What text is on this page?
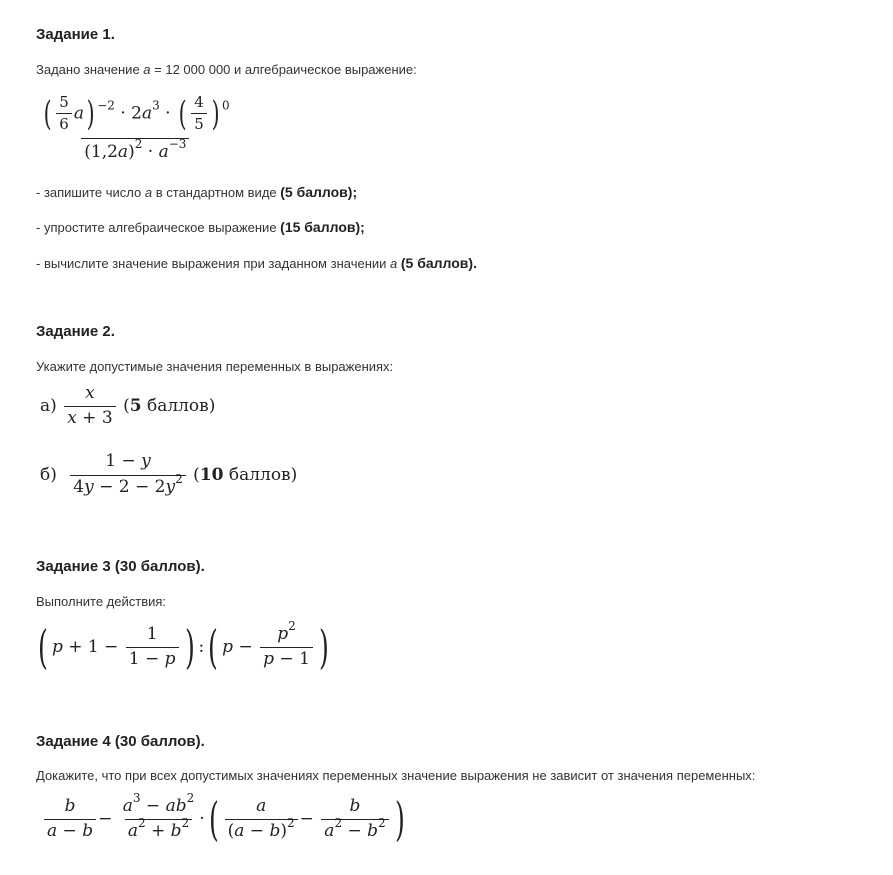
Задание 1.
Задано значение a = 12 000 000 и алгебраическое выражение:
$\frac{( \frac{5}{6} a) ^{-2} \cdot 2a^3 \cdot ( \frac{4}{5} ) ^0}{(1,2a)^2 \cdot a^{-3}}$
- запишите число a в стандартном виде (5 баллов);
- упростите алгебраическое выражение (15 баллов);
- вычислите значение выражения при заданном значении a (5 баллов).
Задание 2.
Укажите допустимые значения переменных в выражениях:
$а) \frac{x}{x + 3} (5$ баллов)
$б) \frac{1 - y}{4y - 2 - 2y^2} (10$ баллов)
Задание 3 (30 баллов).
Выполните действия:
( $p + 1 - \frac{1}{1 - p}$ ) :( $p - \frac{p^2}{p - 1}$ )
Задание 4 (30 баллов).
Докажите, что при всех допустимых значениях переменных значение выражения не зависит от значения переменных:
$\frac{b}{a - b} - \frac{a^3 - ab^2}{a^2 + b^2}$ ·( $\frac{a}{(a - b)^2} - \frac{b}{a^2 - b^2}$ )
